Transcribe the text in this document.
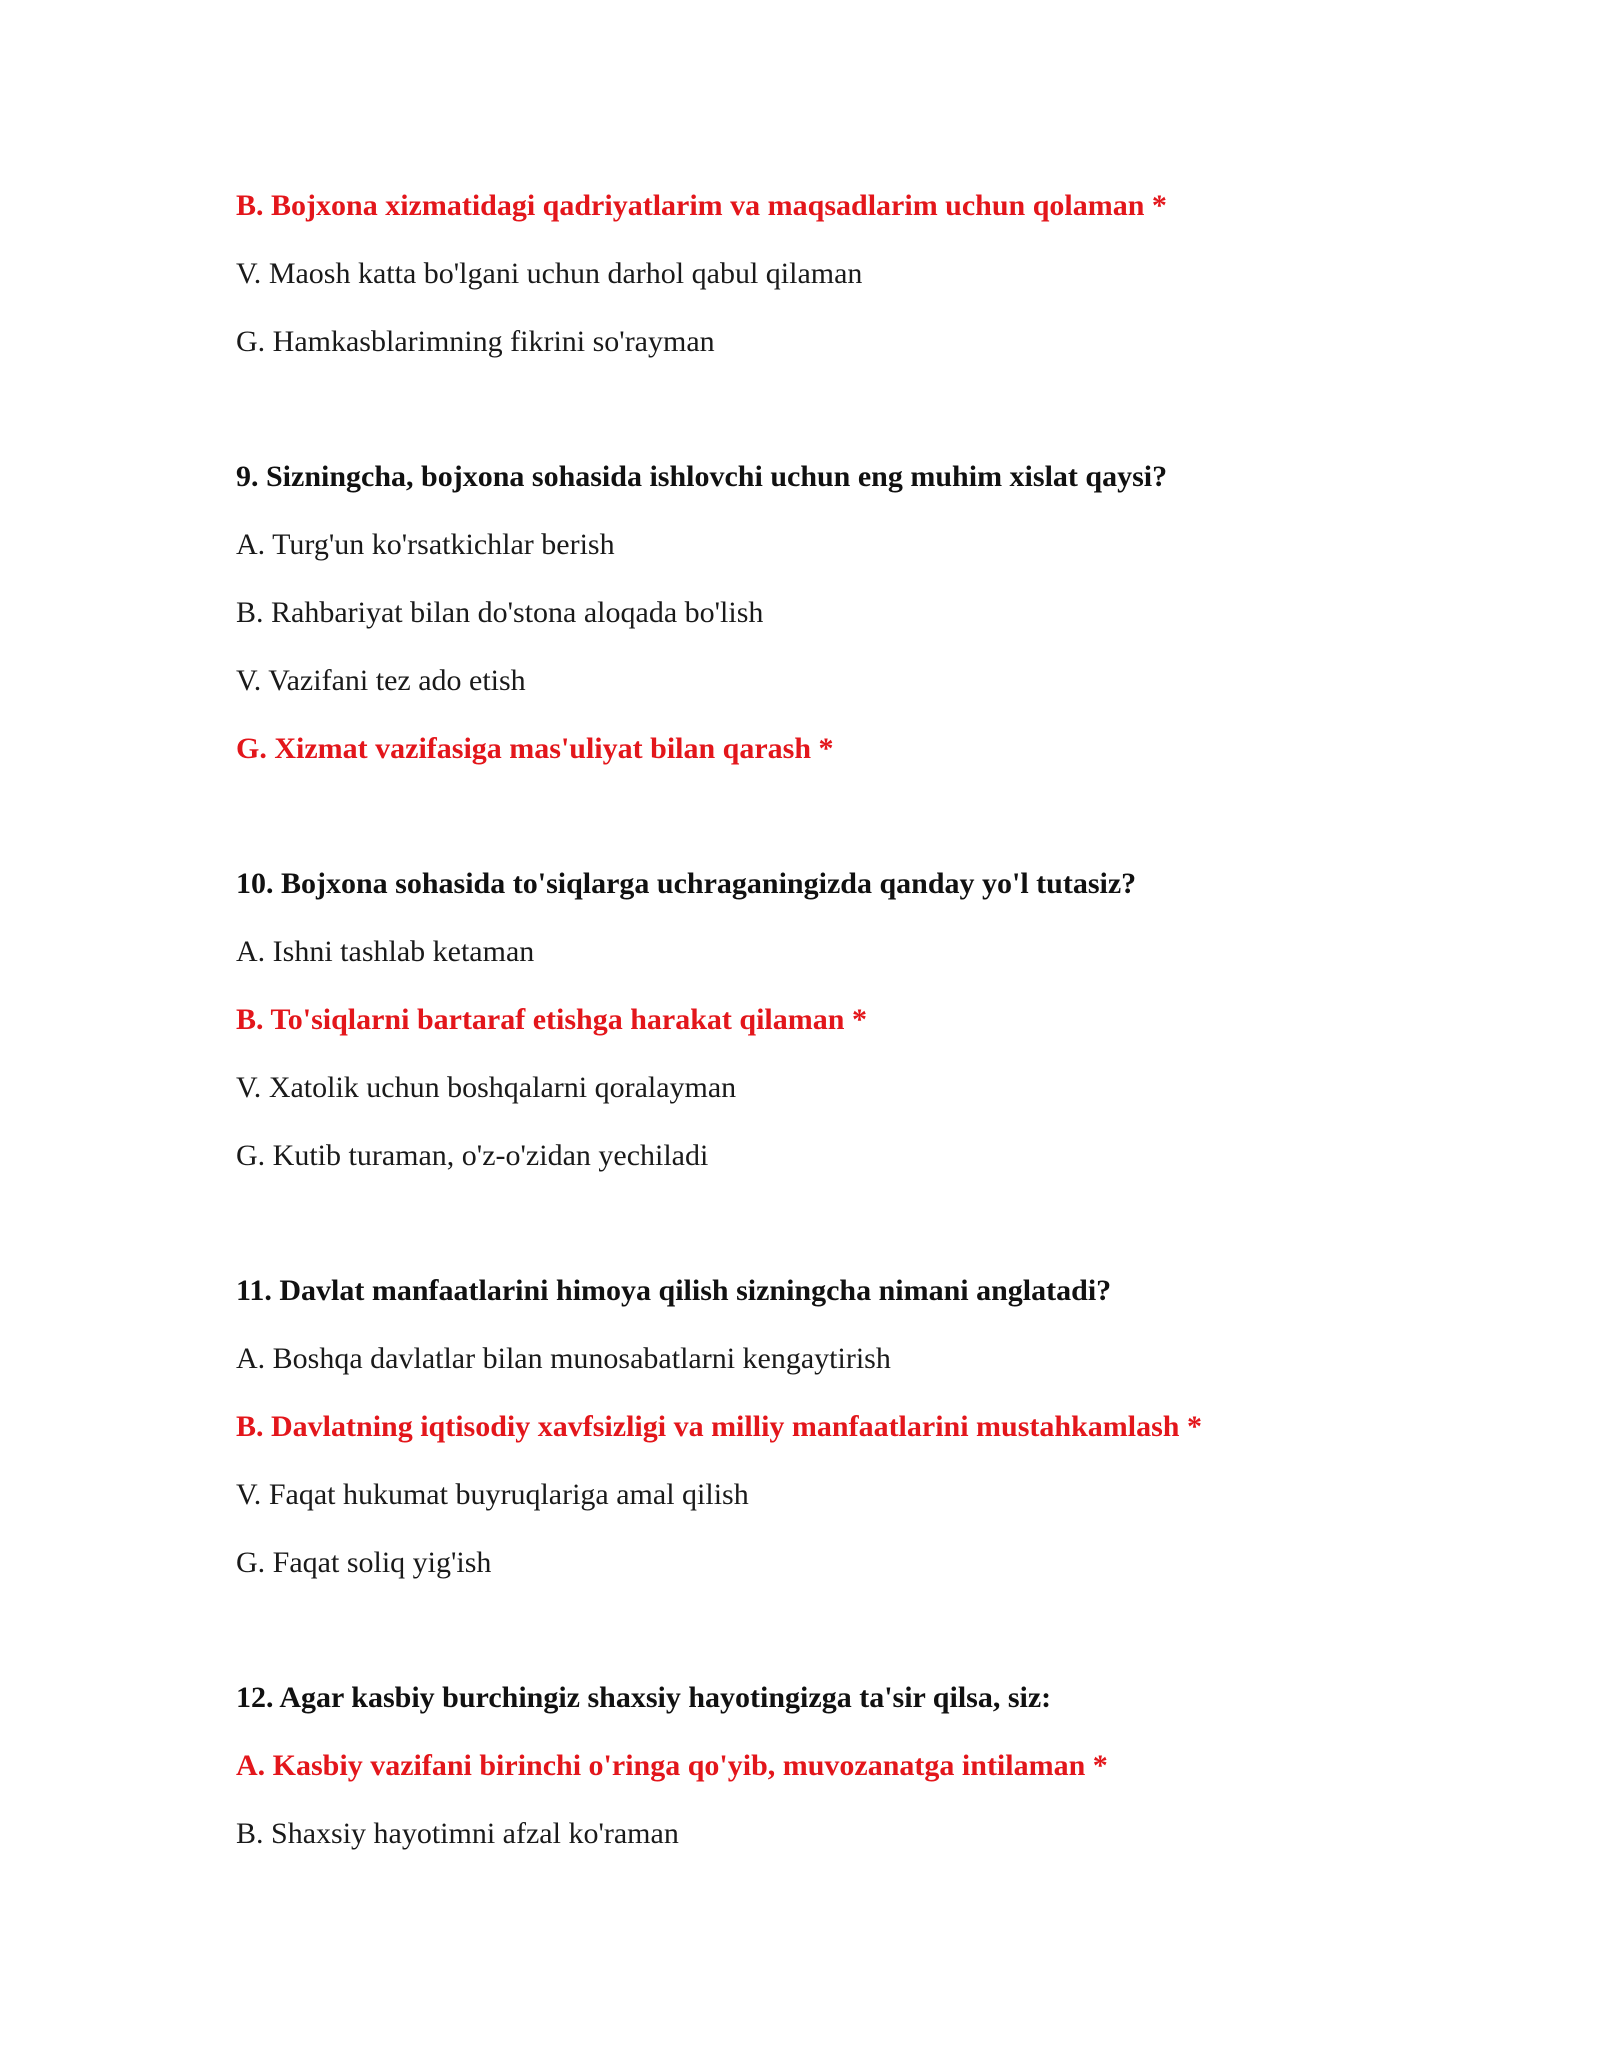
B. Bojxona xizmatidagi qadriyatlarim va maqsadlarim uchun qolaman *
V. Maosh katta bo'lgani uchun darhol qabul qilaman
G. Hamkasblarimning fikrini so'rayman
9. Sizningcha, bojxona sohasida ishlovchi uchun eng muhim xislat qaysi?
A. Turg'un ko'rsatkichlar berish
B. Rahbariyat bilan do'stona aloqada bo'lish
V. Vazifani tez ado etish
G. Xizmat vazifasiga mas'uliyat bilan qarash *
10. Bojxona sohasida to'siqlarga uchraganingizda qanday yo'l tutasiz?
A. Ishni tashlab ketaman
B. To'siqlarni bartaraf etishga harakat qilaman *
V. Xatolik uchun boshqalarni qoralayman
G. Kutib turaman, o'z-o'zidan yechiladi
11. Davlat manfaatlarini himoya qilish sizningcha nimani anglatadi?
A. Boshqa davlatlar bilan munosabatlarni kengaytirish
B. Davlatning iqtisodiy xavfsizligi va milliy manfaatlarini mustahkamlash *
V. Faqat hukumat buyruqlariga amal qilish
G. Faqat soliq yig'ish
12. Agar kasbiy burchingiz shaxsiy hayotingizga ta'sir qilsa, siz:
A. Kasbiy vazifani birinchi o'ringa qo'yib, muvozanatga intilaman *
B. Shaxsiy hayotimni afzal ko'raman
